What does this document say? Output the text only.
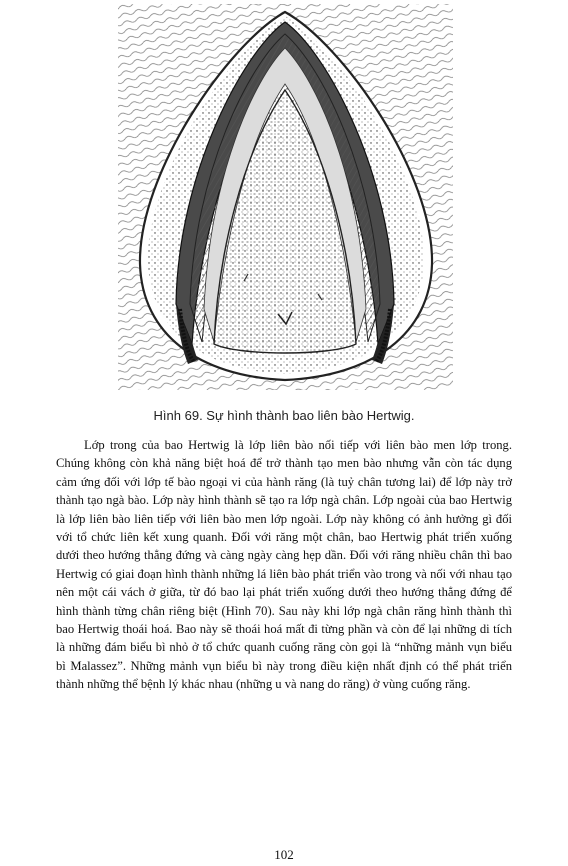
Hình 69. Sự hình thành bao liên bào Hertwig.

Lớp trong của bao Hertwig là lớp liên bào nối tiếp với liên bào men lớp trong. Chúng không còn khả năng biệt hoá để trở thành tạo men bào nhưng vẫn còn tác dụng cảm ứng đối với lớp tế bào ngoại vi của hành răng (là tuỷ chân tương lai) để lớp này trở thành tạo ngà bào. Lớp này hình thành sẽ tạo ra lớp ngà chân. Lớp ngoài của bao Hertwig là lớp liên bào liên tiếp với liên bào men lớp ngoài. Lớp này không có ảnh hưởng gì đối với tổ chức liên kết xung quanh. Đối với răng một chân, bao Hertwig phát triển xuống dưới theo hướng thẳng đứng và càng ngày càng hẹp dần. Đối với răng nhiều chân thì bao Hertwig có giai đoạn hình thành những lá liên bào phát triển vào trong và nối với nhau tạo nên một cái vách ở giữa, từ đó bao lại phát triển xuống dưới theo hướng thẳng đứng để hình thành từng chân riêng biệt (Hình 70). Sau này khi lớp ngà chân răng hình thành thì bao Hertwig thoái hoá. Bao này sẽ thoái hoá mất đi từng phần và còn để lại những di tích là những đám biểu bì nhỏ ở tổ chức quanh cuống răng còn gọi là “những mảnh vụn biểu bì Malassez”. Những mảnh vụn biểu bì này trong điều kiện nhất định có thể phát triển thành những thể bệnh lý khác nhau (những u và nang do răng) ở vùng cuống răng.

102
